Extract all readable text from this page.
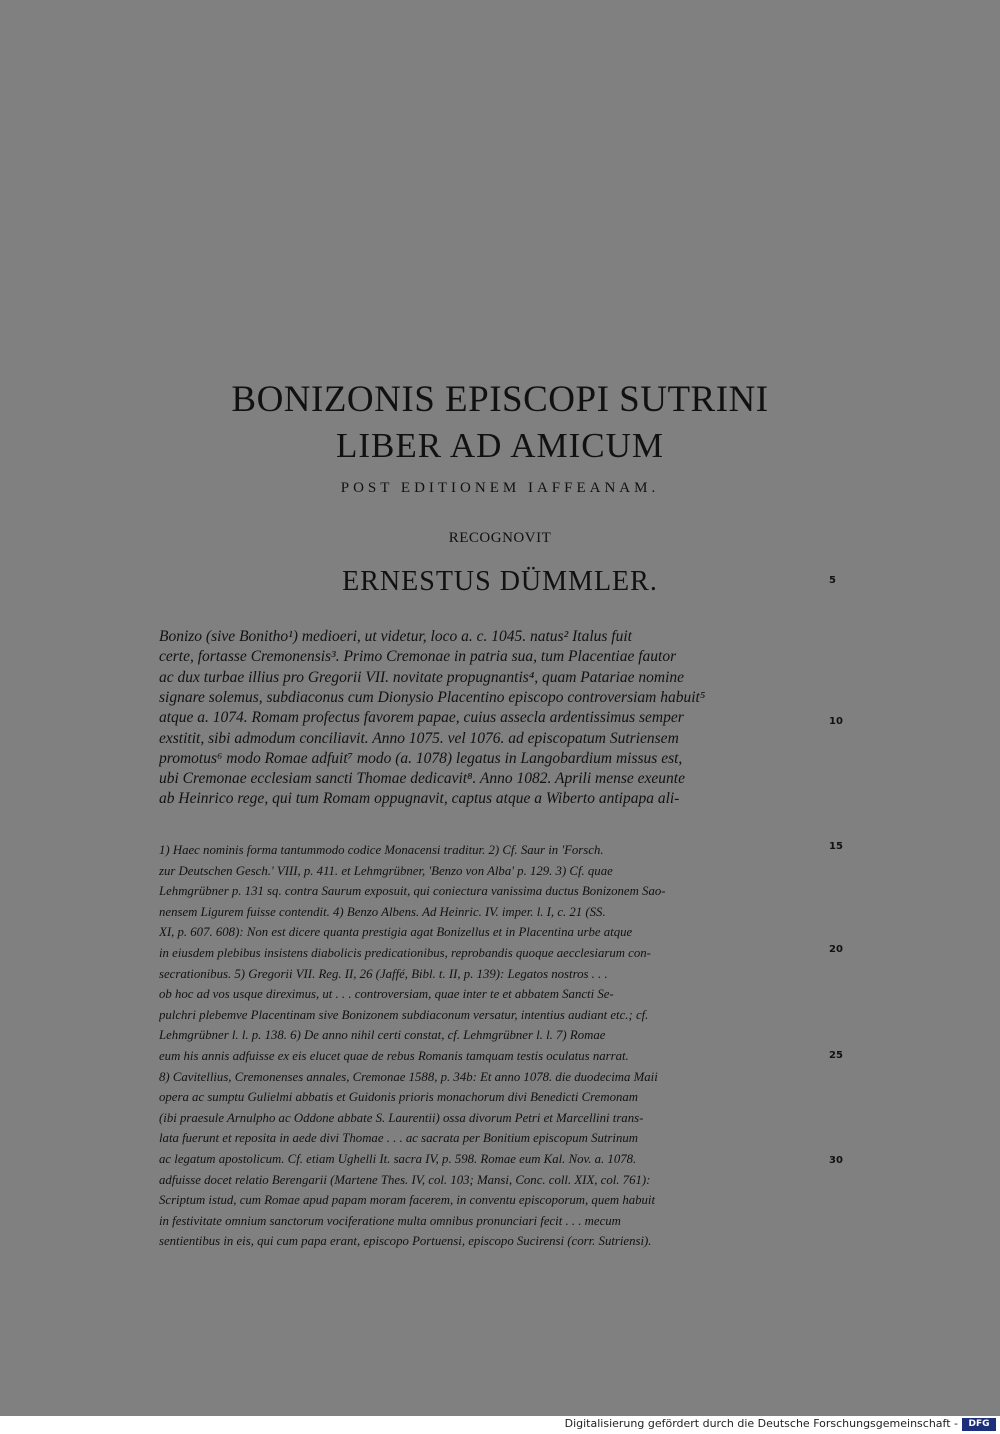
BONIZONIS EPISCOPI SUTRINI
LIBER AD AMICUM
POST EDITIONEM IAFFEANAM.
RECOGNOVIT
ERNESTUS DÜMMLER.	5
10
15
20
25
30
Bonizo (sive Bonitho¹) medioeri, ut videtur, loco a. c. 1045. natus² Italus fuit
certe, fortasse Cremonensis³. Primo Cremonae in patria sua, tum Placentiae fautor
ac dux turbae illius pro Gregorii VII. novitate propugnantis⁴, quam Patariae nomine
signare solemus, subdiaconus cum Dionysio Placentino episcopo controversiam habuit⁵
atque a. 1074. Romam profectus favorem papae, cuius assecla ardentissimus semper
exstitit, sibi admodum conciliavit. Anno 1075. vel 1076. ad episcopatum Sutriensem
promotus⁶ modo Romae adfuit⁷ modo (a. 1078) legatus in Langobardium missus est,
ubi Cremonae ecclesiam sancti Thomae dedicavit⁸. Anno 1082. Aprili mense exeunte
ab Heinrico rege, qui tum Romam oppugnavit, captus atque a Wiberto antipapa ali-
1) Haec nominis forma tantummodo codice Monacensi traditur. 2) Cf. Saur in 'Forsch.
zur Deutschen Gesch.' VIII, p. 411. et Lehmgrübner, 'Benzo von Alba' p. 129. 3) Cf. quae
Lehmgrübner p. 131 sq. contra Saurum exposuit, qui coniectura vanissima ductus Bonizonem Sao-
nensem Ligurem fuisse contendit. 4) Benzo Albens. Ad Heinric. IV. imper. l. I, c. 21 (SS.
XI, p. 607. 608): Non est dicere quanta prestigia agat Bonizellus et in Placentina urbe atque
in eiusdem plebibus insistens diabolicis predicationibus, reprobandis quoque aecclesiarum con-
secrationibus. 5) Gregorii VII. Reg. II, 26 (Jaffé, Bibl. t. II, p. 139): Legatos nostros . . .
ob hoc ad vos usque direximus, ut . . . controversiam, quae inter te et abbatem Sancti Se-
pulchri plebemve Placentinam sive Bonizonem subdiaconum versatur, intentius audiant etc.; cf.
Lehmgrübner l. l. p. 138. 6) De anno nihil certi constat, cf. Lehmgrübner l. l. 7) Romae
eum his annis adfuisse ex eis elucet quae de rebus Romanis tamquam testis oculatus narrat.
8) Cavitellius, Cremonenses annales, Cremonae 1588, p. 34b: Et anno 1078. die duodecima Maii
opera ac sumptu Gulielmi abbatis et Guidonis prioris monachorum divi Benedicti Cremonam
(ibi praesule Arnulpho ac Oddone abbate S. Laurentii) ossa divorum Petri et Marcellini trans-
lata fuerunt et reposita in aede divi Thomae . . . ac sacrata per Bonitium episcopum Sutrinum
ac legatum apostolicum. Cf. etiam Ughelli It. sacra IV, p. 598. Romae eum Kal. Nov. a. 1078.
adfuisse docet relatio Berengarii (Martene Thes. IV, col. 103; Mansi, Conc. coll. XIX, col. 761):
Scriptum istud, cum Romae apud papam moram facerem, in conventu episcoporum, quem habuit
in festivitate omnium sanctorum vociferatione multa omnibus pronunciari fecit . . . mecum
sentientibus in eis, qui cum papa erant, episcopo Portuensi, episcopo Sucirensi (corr. Sutriensi).
Digitalisierung gefördert durch die Deutsche Forschungsgemeinschaft -	DFG
